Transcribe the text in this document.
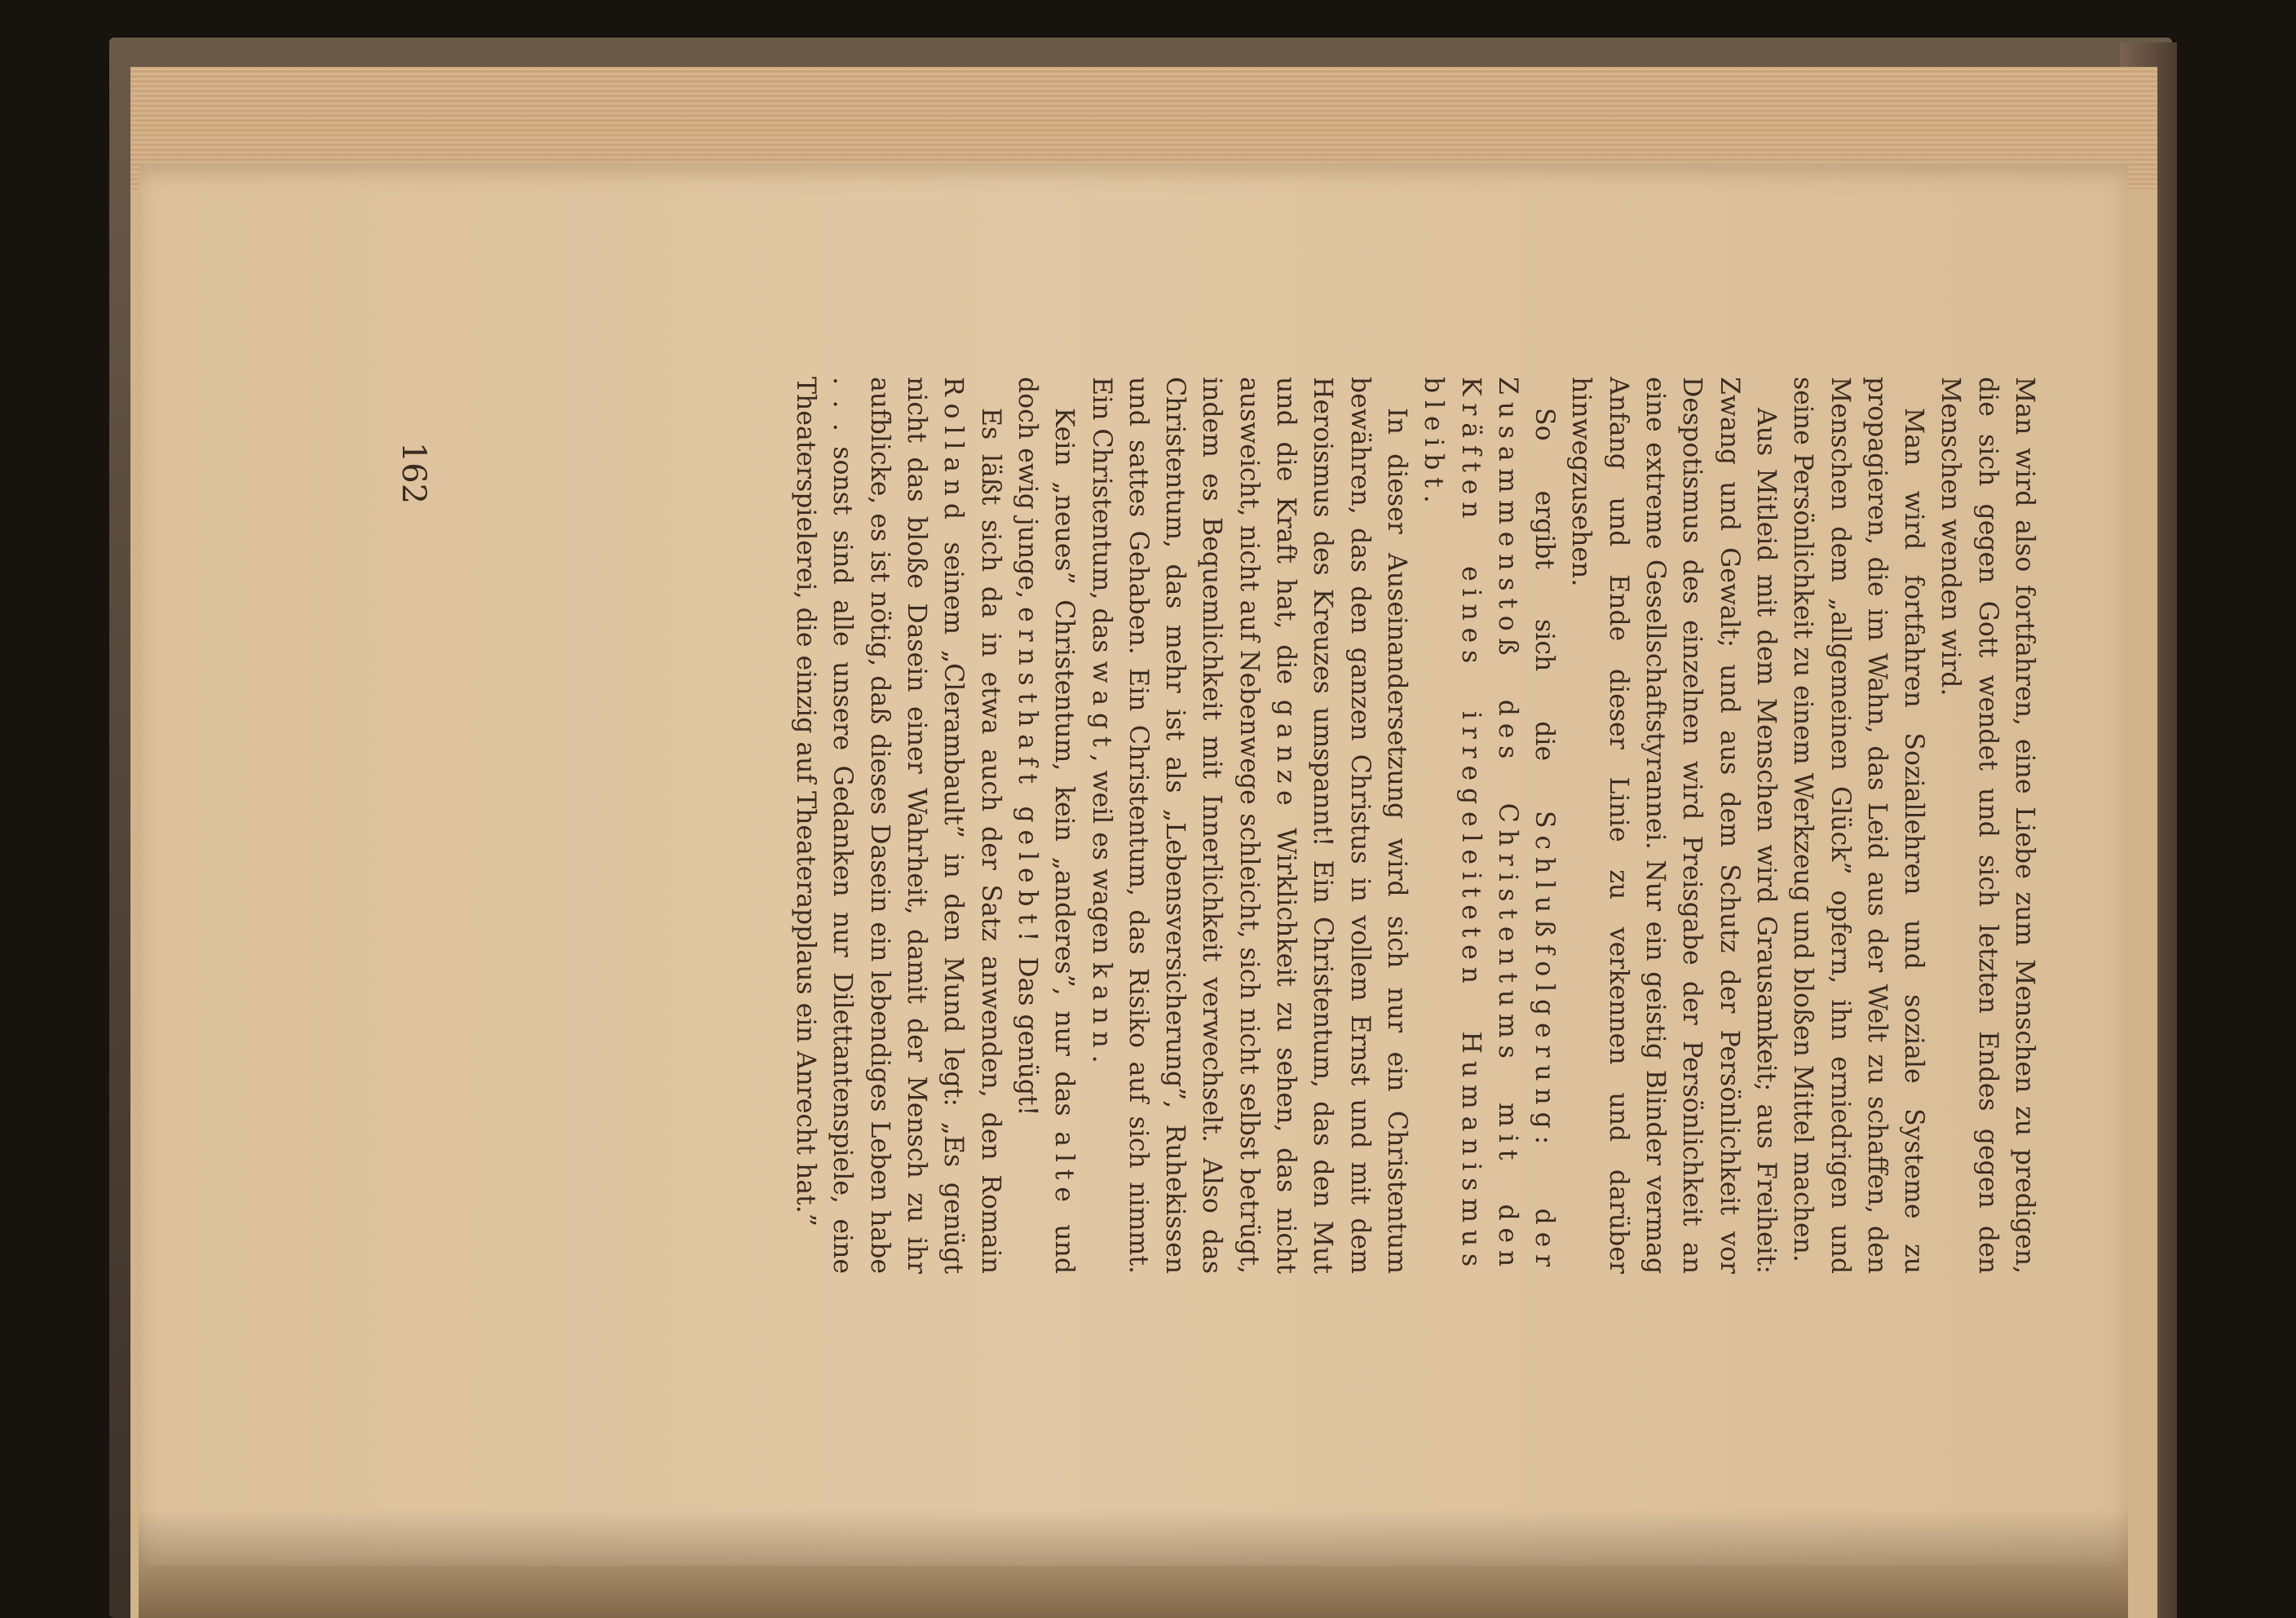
Man wird also fortfahren, eine Liebe zum Menschen zu predigen, die sich gegen Gott wendet und sich letzten Endes gegen den Menschen wenden wird.

Man wird fortfahren Soziallehren und soziale Systeme zu propagieren, die im Wahn, das Leid aus der Welt zu schaffen, den Menschen dem „allgemeinen Glück” opfern, ihn erniedrigen und seine Persönlichkeit zu einem Werkzeug und bloßen Mittel machen.

Aus Mitleid mit dem Menschen wird Grausamkeit; aus Freiheit: Zwang und Gewalt; und aus dem Schutz der Persönlichkeit vor Despotismus des einzelnen wird Preisgabe der Persönlichkeit an eine extreme Gesellschaftstyrannei. Nur ein geistig Blinder vermag Anfang und Ende dieser Linie zu verkennen und darüber hinwegzusehen.

So ergibt sich die Schlußfolgerung: der Zusammenstoß des Christentums mit den Kräften eines irregeleiteten Humanismus bleibt.

In dieser Auseinandersetzung wird sich nur ein Christentum bewähren, das den ganzen Christus in vollem Ernst und mit dem Heroismus des Kreuzes umspannt! Ein Christentum, das den Mut und die Kraft hat, die ganze Wirklichkeit zu sehen, das nicht ausweicht, nicht auf Nebenwege schleicht, sich nicht selbst betrügt, indem es Bequemlichkeit mit Innerlichkeit verwechselt. Also das Christentum, das mehr ist als „Lebensversicherung”, Ruhekissen und sattes Gehaben. Ein Christentum, das Risiko auf sich nimmt. Ein Christentum, das wagt, weil es wagen kann.

Kein „neues” Christentum, kein „anderes”, nur das alte und doch ewig junge, ernsthaft gelebt! Das genügt!

Es läßt sich da in etwa auch der Satz anwenden, den Romain Rolland seinem „Clerambault” in den Mund legt: „Es genügt nicht das bloße Dasein einer Wahrheit, damit der Mensch zu ihr aufblicke, es ist nötig, daß dieses Dasein ein lebendiges Leben habe . . . sonst sind alle unsere Gedanken nur Dilettantenspiele, eine Theaterspielerei, die einzig auf Theaterapplaus ein Anrecht hat.”

162
